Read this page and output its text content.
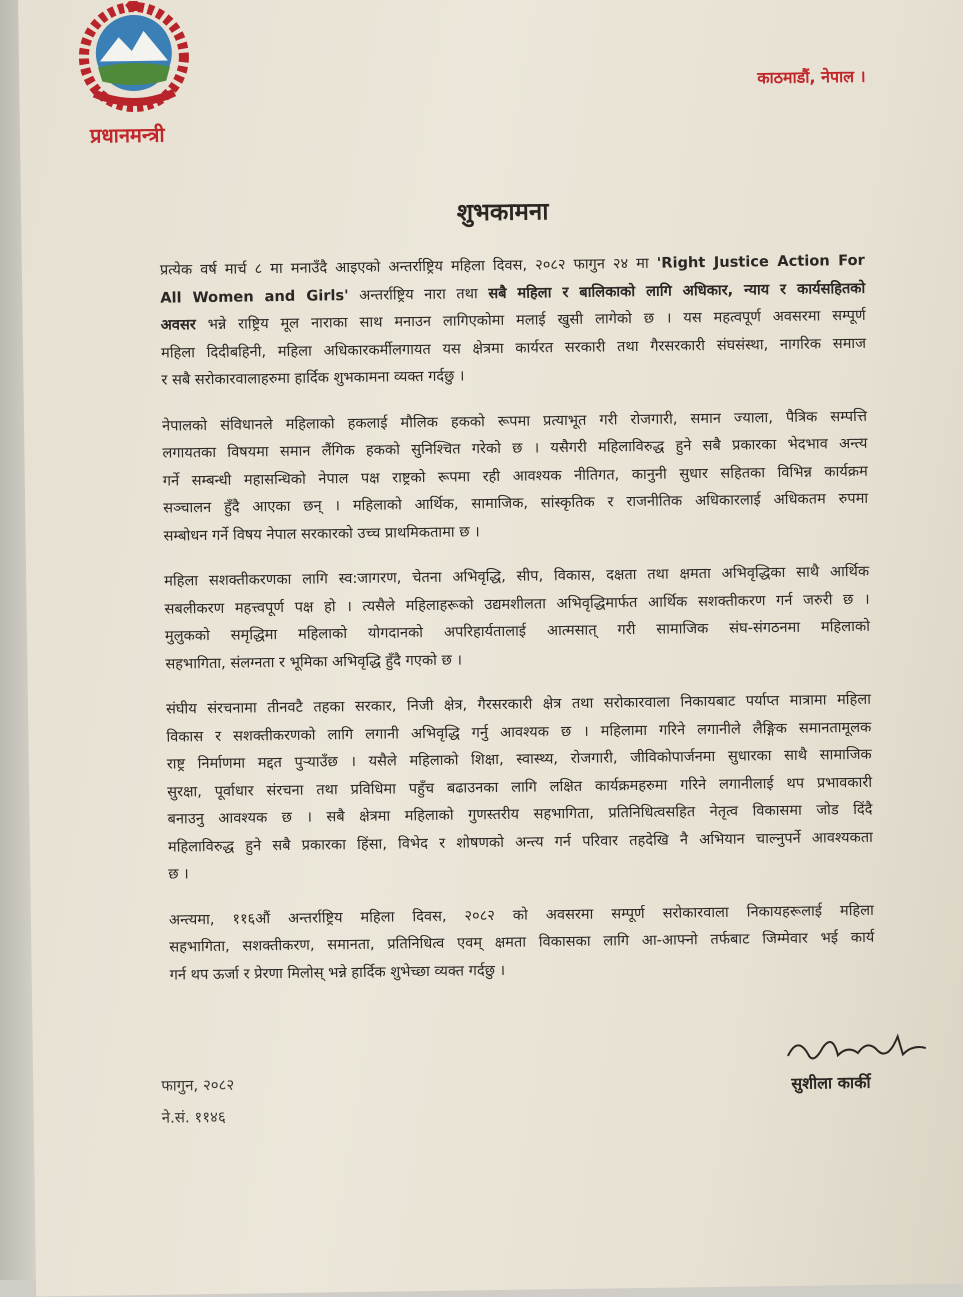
प्रधानमन्त्री
काठमाडौं, नेपाल ।
शुभकामना
प्रत्येक वर्ष मार्च ८ मा मनाउँदै आइएको अन्तर्राष्ट्रिय महिला दिवस, २०८२ फागुन २४ मा 'Right Justice Action For
All Women and Girls' अन्तर्राष्ट्रिय नारा तथा सबै महिला र बालिकाको लागि अधिकार, न्याय र कार्यसहितको
अवसर भन्ने राष्ट्रिय मूल नाराका साथ मनाउन लागिएकोमा मलाई खुसी लागेको छ । यस महत्वपूर्ण अवसरमा सम्पूर्ण
महिला दिदीबहिनी, महिला अधिकारकर्मीलगायत यस क्षेत्रमा कार्यरत सरकारी तथा गैरसरकारी संघसंस्था, नागरिक समाज
र सबै सरोकारवालाहरुमा हार्दिक शुभकामना व्यक्त गर्दछु ।
नेपालको संविधानले महिलाको हकलाई मौलिक हकको रूपमा प्रत्याभूत गरी रोजगारी, समान ज्याला, पैत्रिक सम्पत्ति
लगायतका विषयमा समान लैंगिक हकको सुनिश्चित गरेको छ । यसैगरी महिलाविरुद्ध हुने सबै प्रकारका भेदभाव अन्त्य
गर्ने सम्बन्धी महासन्धिको नेपाल पक्ष राष्ट्रको रूपमा रही आवश्यक नीतिगत, कानुनी सुधार सहितका विभिन्न कार्यक्रम
सञ्चालन हुँदै आएका छन् । महिलाको आर्थिक, सामाजिक, सांस्कृतिक र राजनीतिक अधिकारलाई अधिकतम रुपमा
सम्बोधन गर्ने विषय नेपाल सरकारको उच्च प्राथमिकतामा छ ।
महिला सशक्तीकरणका लागि स्व:जागरण, चेतना अभिवृद्धि, सीप, विकास, दक्षता तथा क्षमता अभिवृद्धिका साथै आर्थिक
सबलीकरण महत्त्वपूर्ण पक्ष हो । त्यसैले महिलाहरूको उद्यमशीलता अभिवृद्धिमार्फत आर्थिक सशक्तीकरण गर्न जरुरी छ ।
मुलुकको समृद्धिमा महिलाको योगदानको अपरिहार्यतालाई आत्मसात् गरी सामाजिक संघ-संगठनमा महिलाको
सहभागिता, संलग्नता र भूमिका अभिवृद्धि हुँदै गएको छ ।
संघीय संरचनामा तीनवटै तहका सरकार, निजी क्षेत्र, गैरसरकारी क्षेत्र तथा सरोकारवाला निकायबाट पर्याप्त मात्रामा महिला
विकास र सशक्तीकरणको लागि लगानी अभिवृद्धि गर्नु आवश्यक छ । महिलामा गरिने लगानीले लैङ्गिक समानतामूलक
राष्ट्र निर्माणमा मद्दत पुर्‍याउँछ । यसैले महिलाको शिक्षा, स्वास्थ्य, रोजगारी, जीविकोपार्जनमा सुधारका साथै सामाजिक
सुरक्षा, पूर्वाधार संरचना तथा प्रविधिमा पहुँच बढाउनका लागि लक्षित कार्यक्रमहरुमा गरिने लगानीलाई थप प्रभावकारी
बनाउनु आवश्यक छ । सबै क्षेत्रमा महिलाको गुणस्तरीय सहभागिता, प्रतिनिधित्वसहित नेतृत्व विकासमा जोड दिंदै
महिलाविरुद्ध हुने सबै प्रकारका हिंसा, विभेद र शोषणको अन्त्य गर्न परिवार तहदेखि नै अभियान चाल्नुपर्ने आवश्यकता
छ ।
अन्त्यमा, ११६औं अन्तर्राष्ट्रिय महिला दिवस, २०८२ को अवसरमा सम्पूर्ण सरोकारवाला निकायहरूलाई महिला
सहभागिता, सशक्तीकरण, समानता, प्रतिनिधित्व एवम् क्षमता विकासका लागि आ-आफ्नो तर्फबाट जिम्मेवार भई कार्य
गर्न थप ऊर्जा र प्रेरणा मिलोस् भन्ने हार्दिक शुभेच्छा व्यक्त गर्दछु ।
फागुन, २०८२
ने.सं. ११४६
सुशीला कार्की
